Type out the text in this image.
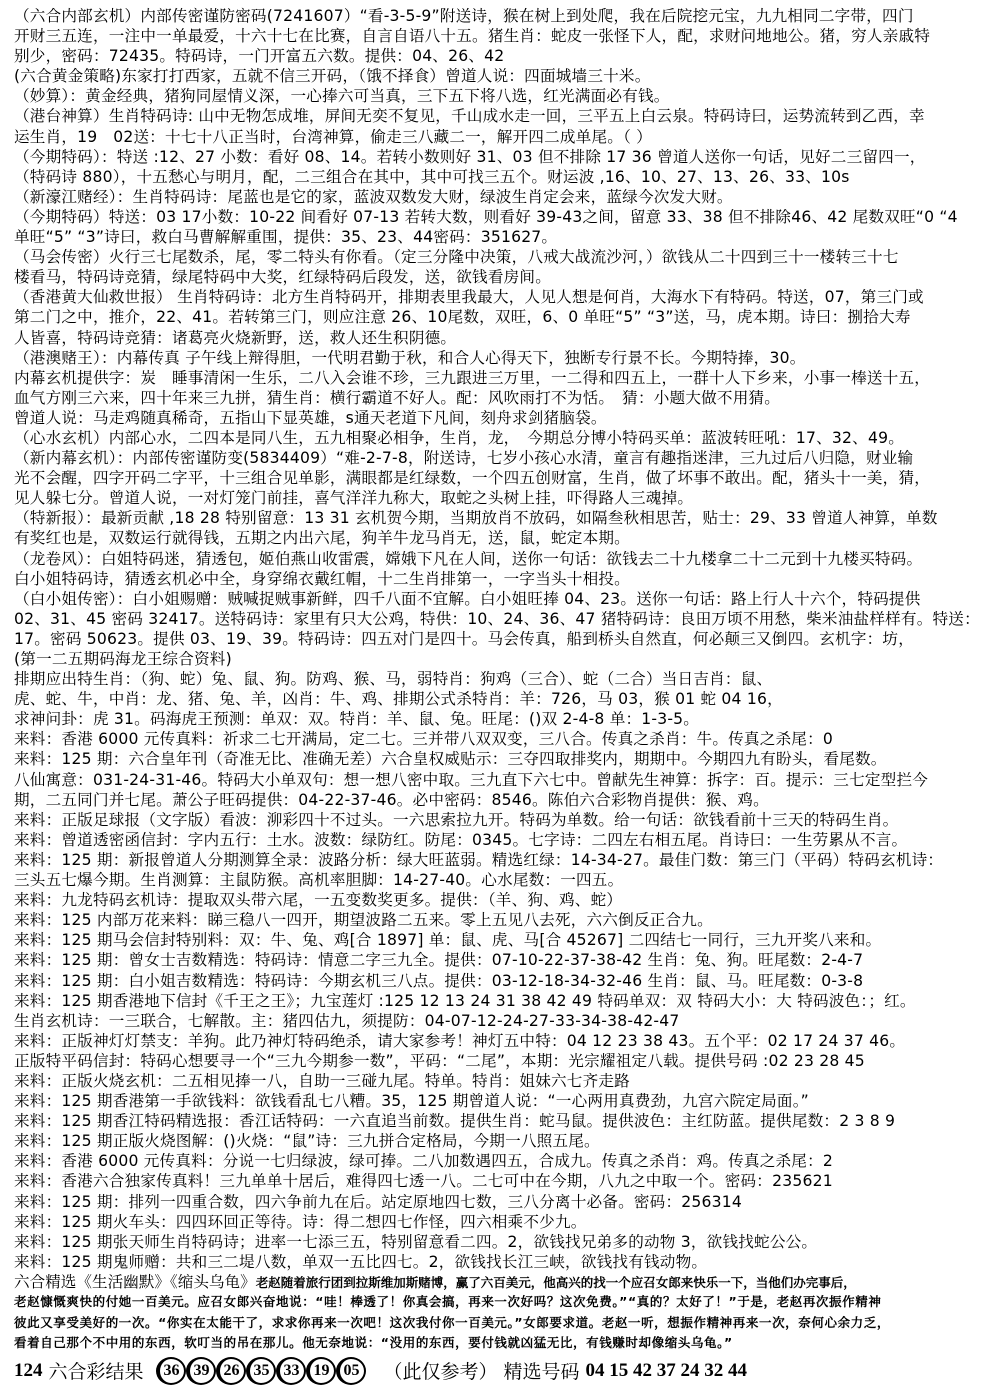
（六合内部玄机）内部传密谨防密码(7241607）“看-3-5-9”附送诗，猴在树上到处爬，我在后院挖元宝，九九相同二字带，四门
开财三五连，一注中一单最爱，十六十七在比赛，自言自语八十五。猪生肖：蛇皮一张怪下人，配，求财问地地公。猪，穷人亲戚特
别少，密码：72435。特码诗，一门开富五六数。提供：04、26、42
(六合黄金策略)东家打打西家，五就不信三开码，（饿不择食）曾道人说：四面城墙三十米。
（妙算）：黄金经典，猪狗同屋情义深，一心捧六可当真，三下五下将八选，红光满面必有钱。
（港台神算）生肖特码诗: 山中无物怎成堆，屏间无奕不复见，千山成水走一回，三平五上白云泉。特码诗曰，运势流转到乙西，幸
运生肖，19　02送：十七十八正当时，台湾神算，偷走三八藏二一，解开四二成单尾。（ ）
（今期特码）：特送 :12、27 小数：看好 08、14。若转小数则好 31、03 但不排除 17 36 曾道人送你一句话，见好二三留四一，
（特码诗 880），十五愁心与明月，配，二三组合在其中，其中可找三五个。财运波 ,16、10、27、13、26、33、10s
（新濠江赌经）：生肖特码诗：尾蓝也是它的家，蓝波双数发大财，绿波生肖定会来，蓝绿今次发大财。
（今期特码）特送：03 17小数：10-22 间看好 07-13 若转大数，则看好 39-43之间，留意 33、38 但不排除46、42 尾数双旺“0 “4
单旺“5” “3”诗曰，救白马曹解解重围，提供：35、23、44密码：351627。
（马会传密）火行三七尾数杀，尾，零二特头有你看。（定三分隆中决策，八戒大战流沙河，）欲钱从二十四到三十一楼转三十七
楼看马，特码诗竞猜，绿尾特码中大奖，红绿特码后段发，送，欲钱看房间。
（香港黄大仙救世报） 生肖特码诗：北方生肖特码开，排期表里我最大，人见人想是何肖，大海水下有特码。特送，07，第三门或
第二门之中，推介，22、41。若转第三门，则应注意 26、10尾数，双旺，6、0 单旺“5” “3”送，马，虎本期。诗曰：捌拾大寿
人皆喜，特码诗竞猜：诸葛亮火烧新野，送，救人还生积阴德。
（港澳赌王）：内幕传真 子午线上辩得胆，一代明君勤于秋，和合人心得天下，独断专行景不长。今期特捧，30。
内幕玄机提供字：炭　睡事清闲一生乐，二八入会谁不珍，三九跟进三万里，一二得和四五上，一群十人下乡来，小事一棒送十五，
血气方刚三六来，四十年来三九拼，猜生肖：横行霸道不好人。配：风吹雨打不为恬。　猜：小题大做不用猜。
曾道人说：马走鸡随真稀奇，五指山下显英雄，s通天老道下凡间，刻舟求剑猪脑袋。
（心水玄机）内部心水，二四本是同八生，五九相聚必相争，生肖，龙，　今期总分博小特码买单：蓝波转旺吼：17、32、49。
（新内幕玄机）：内部传密谨防变(5834409）“难-2-7-8，附送诗，七岁小孩心水清，童言有趣指迷津，三九过后八归隐，财业输
光不会醒，四字开码二字平，十三组合见单影，满眼都是红绿数，一个四五创财富，生肖，做了坏事不敢出。配，猪头十一美，猜，
见人躲七分。曾道人说，一对灯笼门前挂，喜气洋洋九称大，取蛇之头树上挂，吓得路人三魂掉。
（特新报）：最新贡献 ,18 28 特别留意：13 31 玄机贺今期，当期放肖不放码，如隔叁秋相思苦，贴士：29、33 曾道人神算，单数
有奖红也是，双数运行就得钱，五期之内出六尾，狗羊牛龙马肖无，送，鼠，蛇定本期。
（龙卷风）：白姐特码迷，猜透包，姬伯燕山收雷震，嫦娥下凡在人间，送你一句话：欲钱去二十九楼拿二十二元到十九楼买特码。
白小姐特码诗，猜透玄机必中全，身穿绵衣戴红帽，十二生肖排第一，一字当头十相投。
（白小姐传密）：白小姐赐赠：贼喊捉贼事新鲜，四千八面不宜解。白小姐旺捧 04、23。送你一句话：路上行人十六个，特码提供
02、31、45 密码 32417。送特码诗：家里有只大公鸡，特供：10、24、36、47 猪特码诗：良田万顷不用愁，柴米油盐样样有。特送：
17。密码 50623。提供 03、19、39。特码诗：四五对门是四十。马会传真，船到桥头自然直，何必颠三又倒四。玄机字：坊，
(第一二五期码海龙王综合资料)
排期应出特生肖：（狗、蛇）兔、鼠、狗。防鸡、猴、马，弱特肖：狗鸡（三合）、蛇（二合）当日吉肖：鼠、
虎、蛇、牛，中肖：龙、猪、兔、羊，凶肖：牛、鸡、排期公式杀特肖：羊：726，马 03，猴 01 蛇 04 16，
求神问卦：虎 31。码海虎王预测：单双：双。特肖：羊、鼠、兔。旺尾：()双 2-4-8 单：1-3-5。
来料：香港 6000 元传真料：祈求二七开满局，定二七。三并带八双双变，三八合。传真之杀肖：牛。传真之杀尾：0
来料：125 期：六合皇年刊（奇准无比、准确无差）六合皇权威贴示：三夺四取排奖内，期期中。今期四九有盼头，看尾数。
八仙寓意：031-24-31-46。特码大小单双句：想一想八密中取。三九直下六七中。曾献先生神算：拆字：百。提示：三七定型拦今
期，二五同门并七尾。萧公子旺码提供：04-22-37-46。必中密码：8546。陈伯六合彩物肖提供：猴、鸡。
来料：正版足球报（文字版）看波：泖彩四十不过头。一六思索拉九开。特码为单数。给一句话：欲钱看前十三天的特码生肖。
来料：曾道透密函信封：字内五行：土水。波数：绿防红。防尾：0345。七字诗：二四左右相五尾。肖诗曰：一生劳累从不言。
来料：125 期：新报曾道人分期测算全录：波路分析：绿大旺蓝弱。精选红绿：14-34-27。最佳门数：第三门（平码）特码玄机诗：
三头五七爆今期。生肖测算：主鼠防猴。高机率胆脚：14-27-40。心水尾数：一四五。
来料：九龙特码玄机诗：提取双头带六尾，一五变数奖更多。提供：（羊、狗、鸡、蛇）
来料：125 内部万花来料：睇三稳八一四开，期望波路二五来。零上五见八去死，六六倒反正合九。
来料：125 期马会信封特别料：双：牛、兔、鸡[合 1897] 单：鼠、虎、马[合 45267] 二四结七一同行，三九开奖八来和。
来料：125 期：曾女士吉数精选：特码诗：情意二字三九全。提供：07-10-22-37-38-42 生肖：兔、狗。旺尾数：2-4-7
来料：125 期：白小姐吉数精选：特码诗：今期玄机三八点。提供：03-12-18-34-32-46 生肖：鼠、马。旺尾数：0-3-8
来料：125 期香港地下信封《千王之王》；九宝莲灯 :125 12 13 24 31 38 42 49 特码单双：双 特码大小：大 特码波色：；红。
生肖玄机诗：一三联合，七解散。主：猪四估九，须提防：04-07-12-24-27-33-34-38-42-47
来料：正版神灯灯禁支：羊狗。此乃神灯特码绝杀，请大家参考！神灯五中特：04 12 23 38 43。五个平：02 17 24 37 46。
正版特平码信封：特码心想要寻一个“三九今期参一数”，平码：“二尾”，本期：光宗耀祖定八载。提供号码 :02 23 28 45
来料：正版火烧玄机：二五相见捧一八，自助一三碰九尾。特单。特肖：姐妹六七齐走路
来料：125 期香港第一手欲钱料：欲钱看乱七八糟。35，125 期曾道人说：“一心两用真费劲，九宫六院定局面。”
来料：125 期香江特码精选报：香江话特码：一六直追当前数。提供生肖：蛇马鼠。提供波色：主红防蓝。提供尾数：2 3 8 9
来料：125 期正版火烧图解：()火烧：“鼠”诗：三九拼合定格局，今期一八照五尾。
来料：香港 6000 元传真料：分说一七归绿波，绿可捧。二八加数遇四五，合成九。传真之杀肖：鸡。传真之杀尾：2
来料：香港六合独家传真料！三九单单十居后，难得四七透一八。二七可中在今期，八九之中取一个。密码：235621
来料：125 期：排列一四重合数，四六争前九在后。站定原地四七数，三八分离十必备。密码：256314
来料：125 期火车头：四四环回正等待。诗：得二想四七作怪，四六相乘不少九。
来料：125 期张天师生肖特码诗；进率一七添三五，特别留意看二四。2，欲钱找兄弟多的动物 3，欲钱找蛇公公。
来料：125 期鬼师赠：共和三二堤八数，单双一五比四七。2，欲钱找长江三峡，欲钱找有钱动物。
六合精选《生活幽默》《缩头乌龟》老赵随着旅行团到拉斯维加斯赌博，赢了六百美元，他高兴的找一个应召女郎来快乐一下，当他们办完事后，
老赵慷慨爽快的付她一百美元。应召女郎兴奋地说：“哇！棒透了！你真会搞，再来一次好吗？这次免费。”“真的？太好了！”于是，老赵再次振作精神
彼此又享受美好的一次。“你实在太能干了，求求你再来一次吧！这次我付你一百美元。”女郎要求道。老赵一听，想振作精神再来一次，奈何心余力乏，
看着自己那个不中用的东西，软叮当的吊在那儿。他无奈地说：“没用的东西，要付钱就凶猛无比，有钱赚时却像缩头乌龟。”
124 六合彩结果	36 39 26 35 33 19 05	（此仅参考） 精选号码 04 15 42 37 24 32 44
